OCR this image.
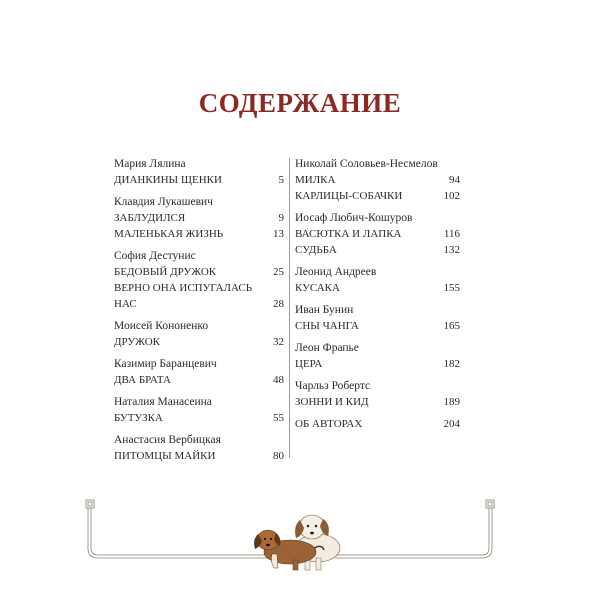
СОДЕРЖАНИЕ
Мария Лялина
ДИАНКИНЫ ЩЕНКИ	5
Клавдия Лукашевич
ЗАБЛУДИЛСЯ	9
МАЛЕНЬКАЯ ЖИЗНЬ	13
София Дестунис
БЕДОВЫЙ ДРУЖОК	25
ВЕРНО ОНА ИСПУГАЛАСЬ НАС	28
Моисей Кононенко
ДРУЖОК	32
Казимир Баранцевич
ДВА БРАТА	48
Наталия Манасеина
БУТУЗКА	55
Анастасия Вербицкая
ПИТОМЦЫ МАЙКИ	80
Николай Соловьев-Несмелов
МИЛКА	94
КАРЛИЦЫ-СОБАЧКИ	102
Иосаф Любич-Кошуров
ВАСЮТКА И ЛАПКА	116
СУДЬБА	132
Леонид Андреев
КУСАКА	155
Иван Бунин
СНЫ ЧАНГА	165
Леон Фрапье
ЦЕРА	182
Чарльз Робертс
ЗОННИ И КИД	189
ОБ АВТОРАХ	204
